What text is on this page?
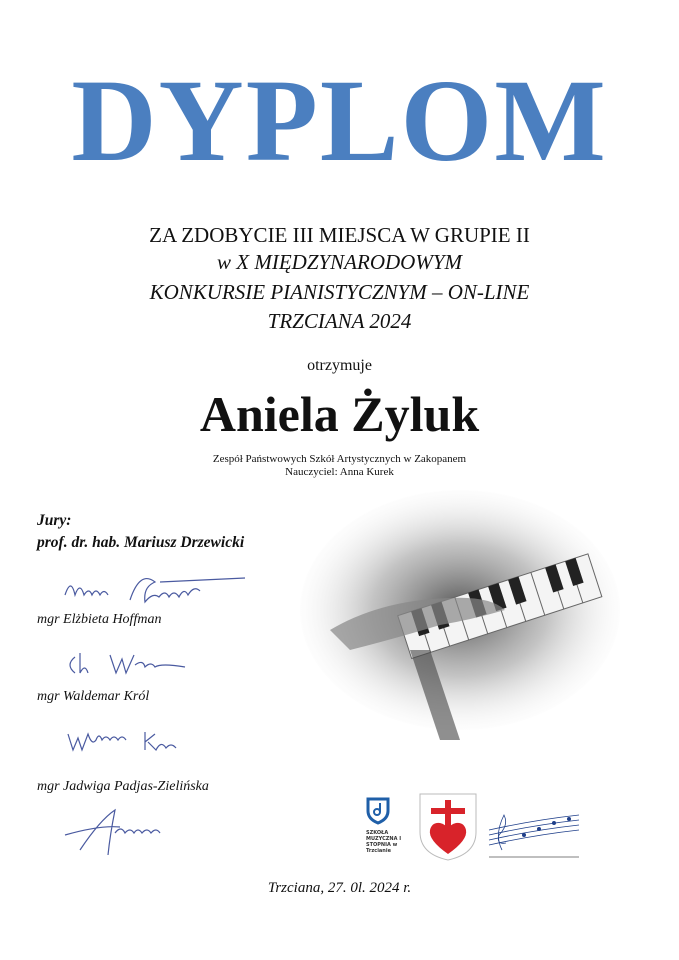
DYPLOM
ZA ZDOBYCIE III MIEJSCA W GRUPIE II
w X MIĘDZYNARODOWYM
KONKURSIE PIANISTYCZNYM – ON-LINE
TRZCIANA 2024
otrzymuje
Aniela Żyluk
Zespół Państwowych Szkół Artystycznych w Zakopanem
Nauczyciel: Anna Kurek
Jury:
prof. dr. hab. Mariusz Drzewicki
mgr Elżbieta Hoffman
mgr Waldemar Król
mgr Jadwiga Padjas-Zielińska
SZKOŁA MUZYCZNA I STOPNIA w Trzcianie
Trzciana, 27. 0l. 2024 r.
